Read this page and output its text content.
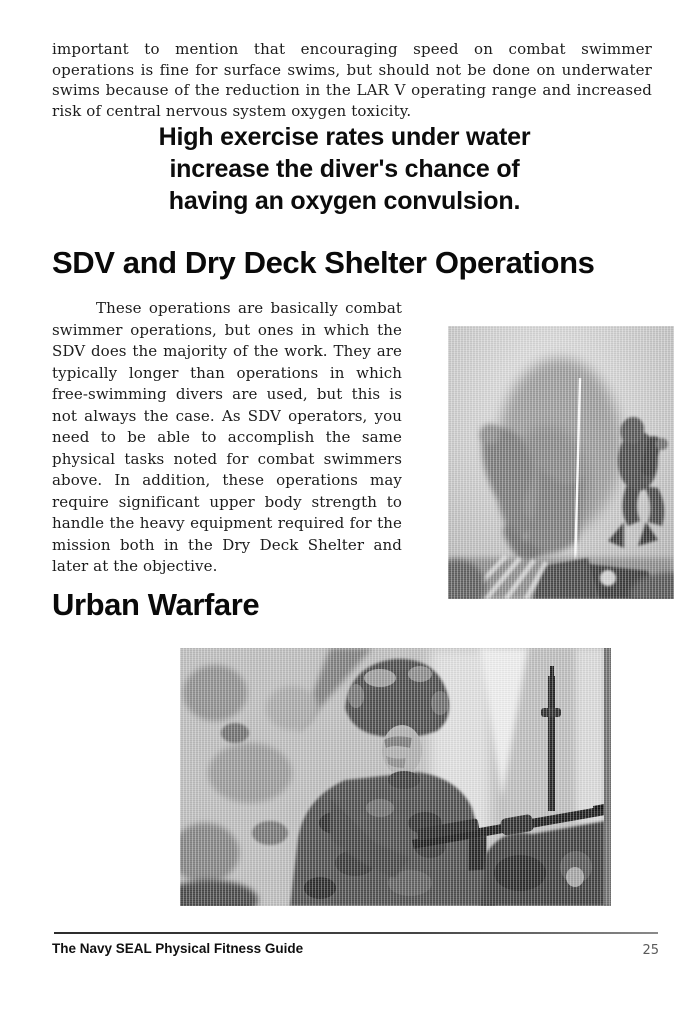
important to mention that encouraging speed on combat swimmer operations is fine for surface swims, but should not be done on underwater swims because of the reduction in the LAR V operating range and increased risk of central nervous system oxygen toxicity.

High exercise rates under water
increase the diver's chance of
having an oxygen convulsion.
SDV and Dry Deck Shelter Operations

These operations are basically combat swimmer operations, but ones in which the SDV does the majority of the work. They are typically longer than operations in which free-swimming divers are used, but this is not always the case. As SDV operators, you need to be able to accomplish the same physical tasks noted for combat swimmers above. In addition, these operations may require significant upper body strength to handle the heavy equipment required for the mission both in the Dry Deck Shelter and later at the objective.

Urban Warfare
The Navy SEAL Physical Fitness Guide	25
